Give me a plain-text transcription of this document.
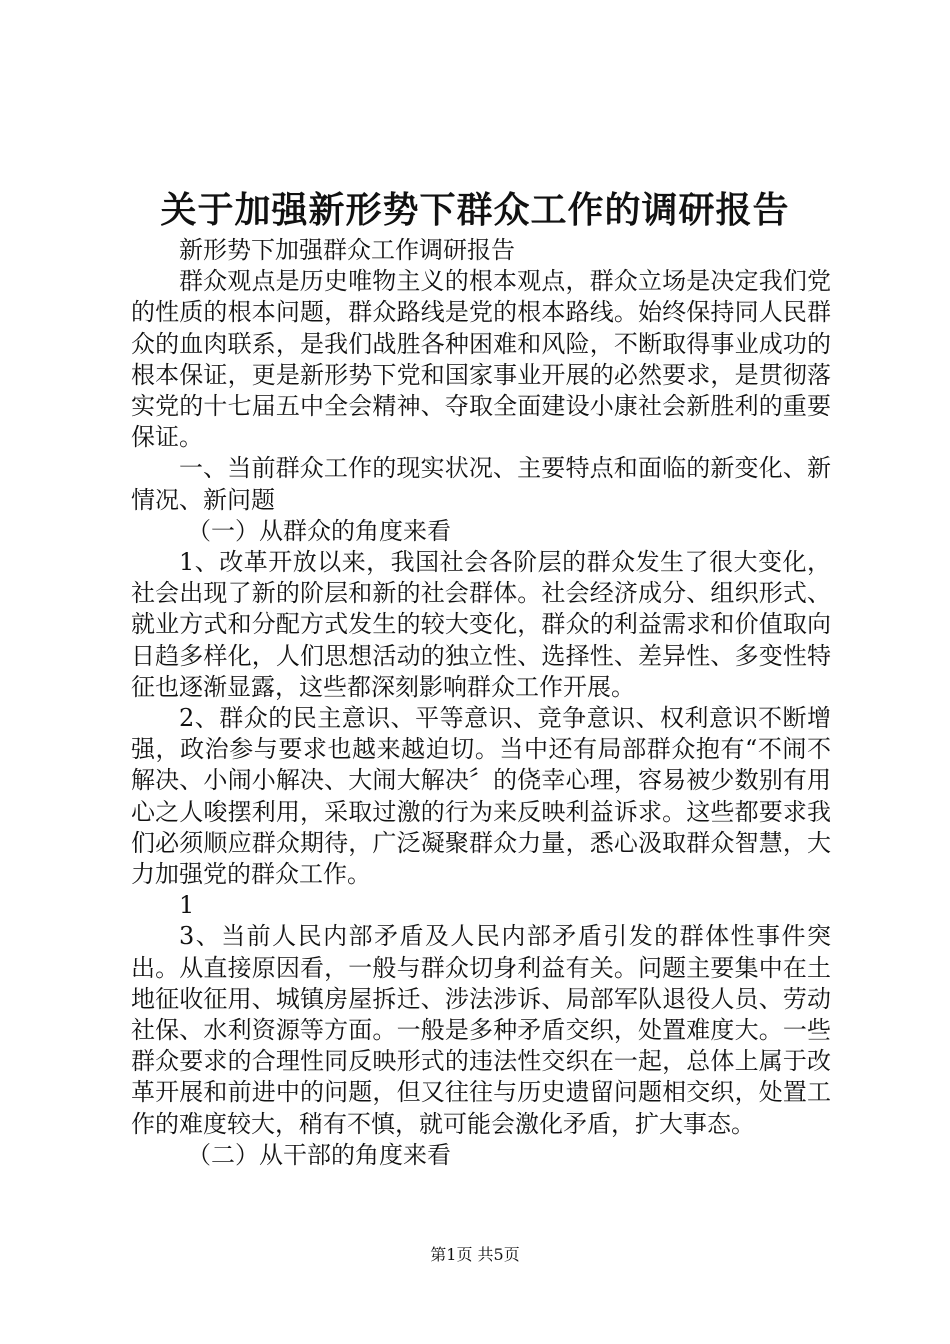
关于加强新形势下群众工作的调研报告

新形势下加强群众工作调研报告

群众观点是历史唯物主义的根本观点，群众立场是决定我们党的性质的根本问题，群众路线是党的根本路线。始终保持同人民群众的血肉联系，是我们战胜各种困难和风险，不断取得事业成功的根本保证，更是新形势下党和国家事业开展的必然要求，是贯彻落实党的十七届五中全会精神、夺取全面建设小康社会新胜利的重要保证。

一、当前群众工作的现实状况、主要特点和面临的新变化、新情况、新问题

（一）从群众的角度来看

1、改革开放以来，我国社会各阶层的群众发生了很大变化，社会出现了新的阶层和新的社会群体。社会经济成分、组织形式、就业方式和分配方式发生的较大变化，群众的利益需求和价值取向日趋多样化，人们思想活动的独立性、选择性、差异性、多变性特征也逐渐显露，这些都深刻影响群众工作开展。

2、群众的民主意识、平等意识、竞争意识、权利意识不断增强，政治参与要求也越来越迫切。当中还有局部群众抱有“不闹不解决、小闹小解决、大闹大解决〞的侥幸心理，容易被少数别有用心之人唆摆利用，采取过激的行为来反映利益诉求。这些都要求我们必须顺应群众期待，广泛凝聚群众力量，悉心汲取群众智慧，大力加强党的群众工作。

1

3、当前人民内部矛盾及人民内部矛盾引发的群体性事件突出。从直接原因看，一般与群众切身利益有关。问题主要集中在土地征收征用、城镇房屋拆迁、涉法涉诉、局部军队退役人员、劳动社保、水利资源等方面。一般是多种矛盾交织，处置难度大。一些群众要求的合理性同反映形式的违法性交织在一起，总体上属于改革开展和前进中的问题，但又往往与历史遗留问题相交织，处置工作的难度较大，稍有不慎，就可能会激化矛盾，扩大事态。

（二）从干部的角度来看

第1页 共5页
